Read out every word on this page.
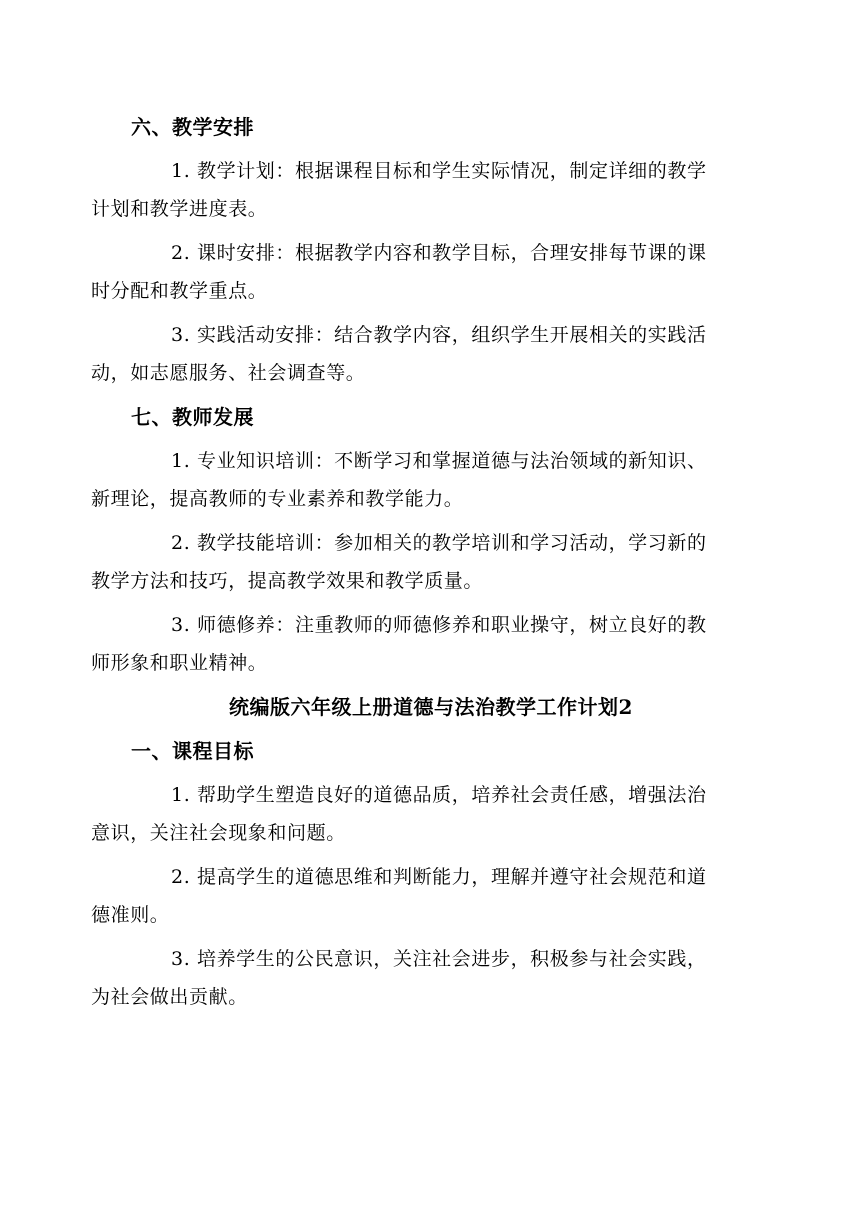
六、教学安排
1. 教学计划：根据课程目标和学生实际情况，制定详细的教学
计划和教学进度表。
2. 课时安排：根据教学内容和教学目标，合理安排每节课的课
时分配和教学重点。
3. 实践活动安排：结合教学内容，组织学生开展相关的实践活
动，如志愿服务、社会调查等。
七、教师发展
1. 专业知识培训：不断学习和掌握道德与法治领域的新知识、
新理论，提高教师的专业素养和教学能力。
2. 教学技能培训：参加相关的教学培训和学习活动，学习新的
教学方法和技巧，提高教学效果和教学质量。
3. 师德修养：注重教师的师德修养和职业操守，树立良好的教
师形象和职业精神。
统编版六年级上册道德与法治教学工作计划2
一、课程目标
1. 帮助学生塑造良好的道德品质，培养社会责任感，增强法治
意识，关注社会现象和问题。
2. 提高学生的道德思维和判断能力，理解并遵守社会规范和道
德准则。
3. 培养学生的公民意识，关注社会进步，积极参与社会实践，
为社会做出贡献。
